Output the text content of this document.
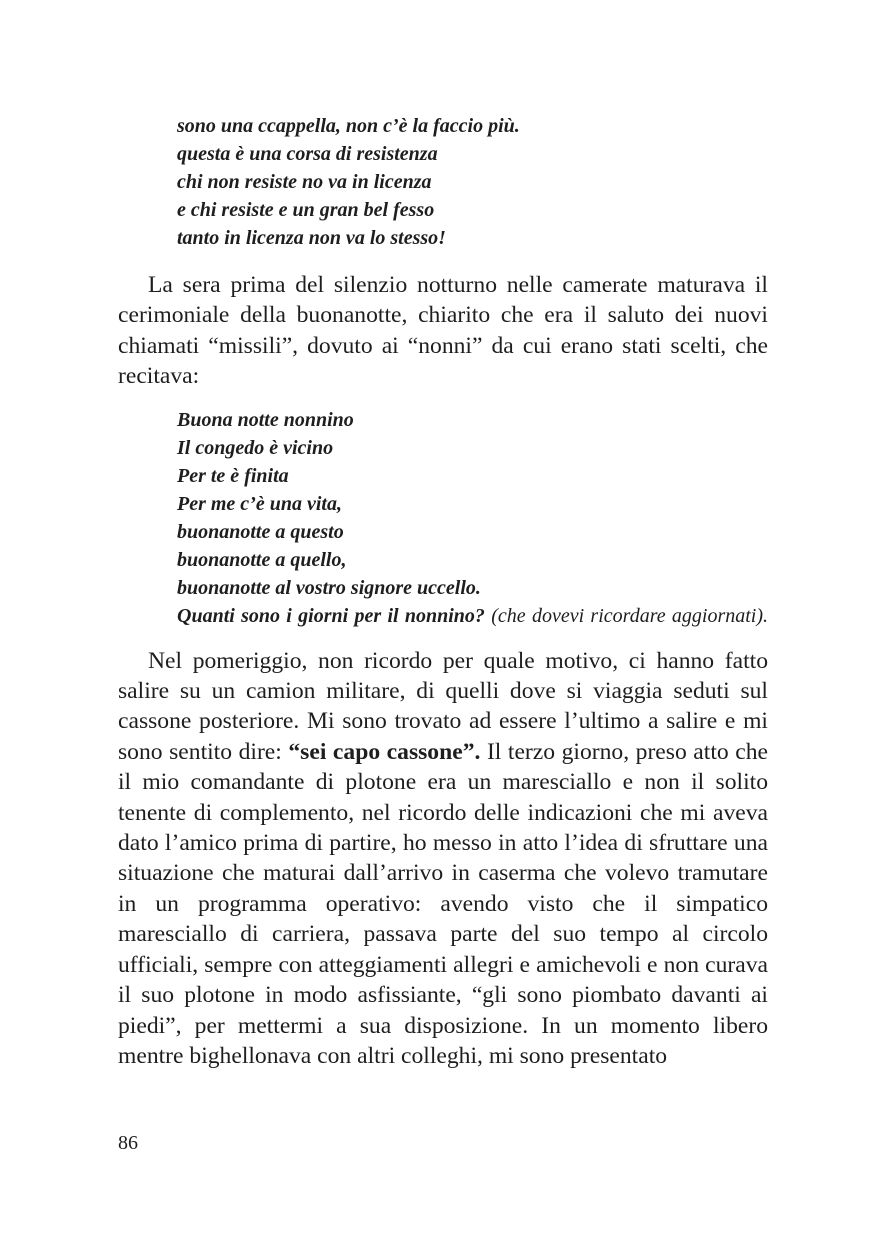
sono una ccappella, non c’è la faccio più.
questa è una corsa di resistenza
chi non resiste no va in licenza
e chi resiste e un gran bel fesso
tanto in licenza non va lo stesso!

La sera prima del silenzio notturno nelle camerate maturava il cerimoniale della buonanotte, chiarito che era il saluto dei nuovi chiamati “missili”, dovuto ai “nonni” da cui erano stati scelti, che recitava:

Buona notte nonnino
Il congedo è vicino
Per te è finita
Per me c’è una vita,
buonanotte a questo
buonanotte a quello,
buonanotte al vostro signore uccello.
Quanti sono i giorni per il nonnino? (che dovevi ricordare aggiornati).

Nel pomeriggio, non ricordo per quale motivo, ci hanno fatto salire su un camion militare, di quelli dove si viaggia seduti sul cassone posteriore. Mi sono trovato ad essere l’ultimo a salire e mi sono sentito dire: “sei capo cassone”. Il terzo giorno, preso atto che il mio comandante di plotone era un maresciallo e non il solito tenente di complemento, nel ricordo delle indicazioni che mi aveva dato l’amico prima di partire, ho messo in atto l’idea di sfruttare una situazione che maturai dall’arrivo in caserma che volevo tramutare in un programma operativo: avendo visto che il simpatico maresciallo di carriera, passava parte del suo tempo al circolo ufficiali, sempre con atteggiamenti allegri e amichevoli e non curava il suo plotone in modo asfissiante, “gli sono piombato davanti ai piedi”, per mettermi a sua disposizione. In un momento libero mentre bighellonava con altri colleghi, mi sono presentato

86
